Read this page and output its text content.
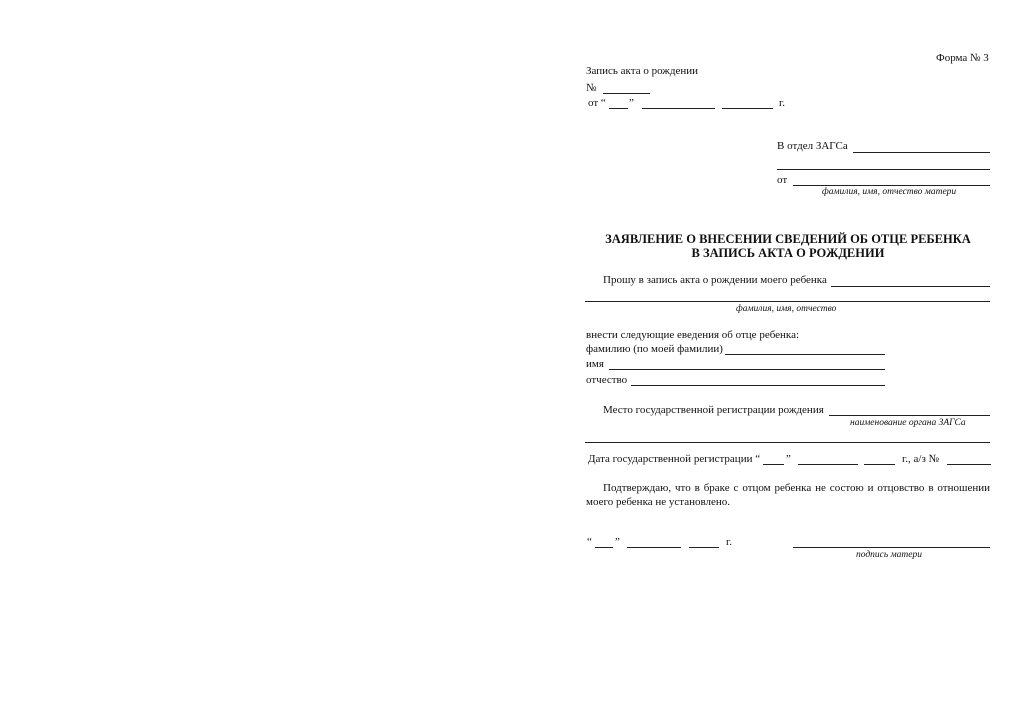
Форма № 3
Запись акта о рождении
№
от “ ”	г.
В отдел ЗАГСа
от
фамилия, имя, отчество матери
ЗАЯВЛЕНИЕ О ВНЕСЕНИИ СВЕДЕНИЙ ОБ ОТЦЕ РЕБЕНКА
В ЗАПИСЬ АКТА О РОЖДЕНИИ
Прошу в запись акта о рождении моего ребенка
фамилия, имя, отчество
внести следующие еведения об отце ребенка:
фамилию (по моей фамилии)
имя
отчество
Место государственной регистрации рождения
наименование органа ЗАГСа
Дата государственной регистрации “ ”	г., а/з №
Подтверждаю, что в браке с отцом ребенка не состою и отцовство в отношении моего ребенка не установлено.
“ ”	г.
подпись матери
